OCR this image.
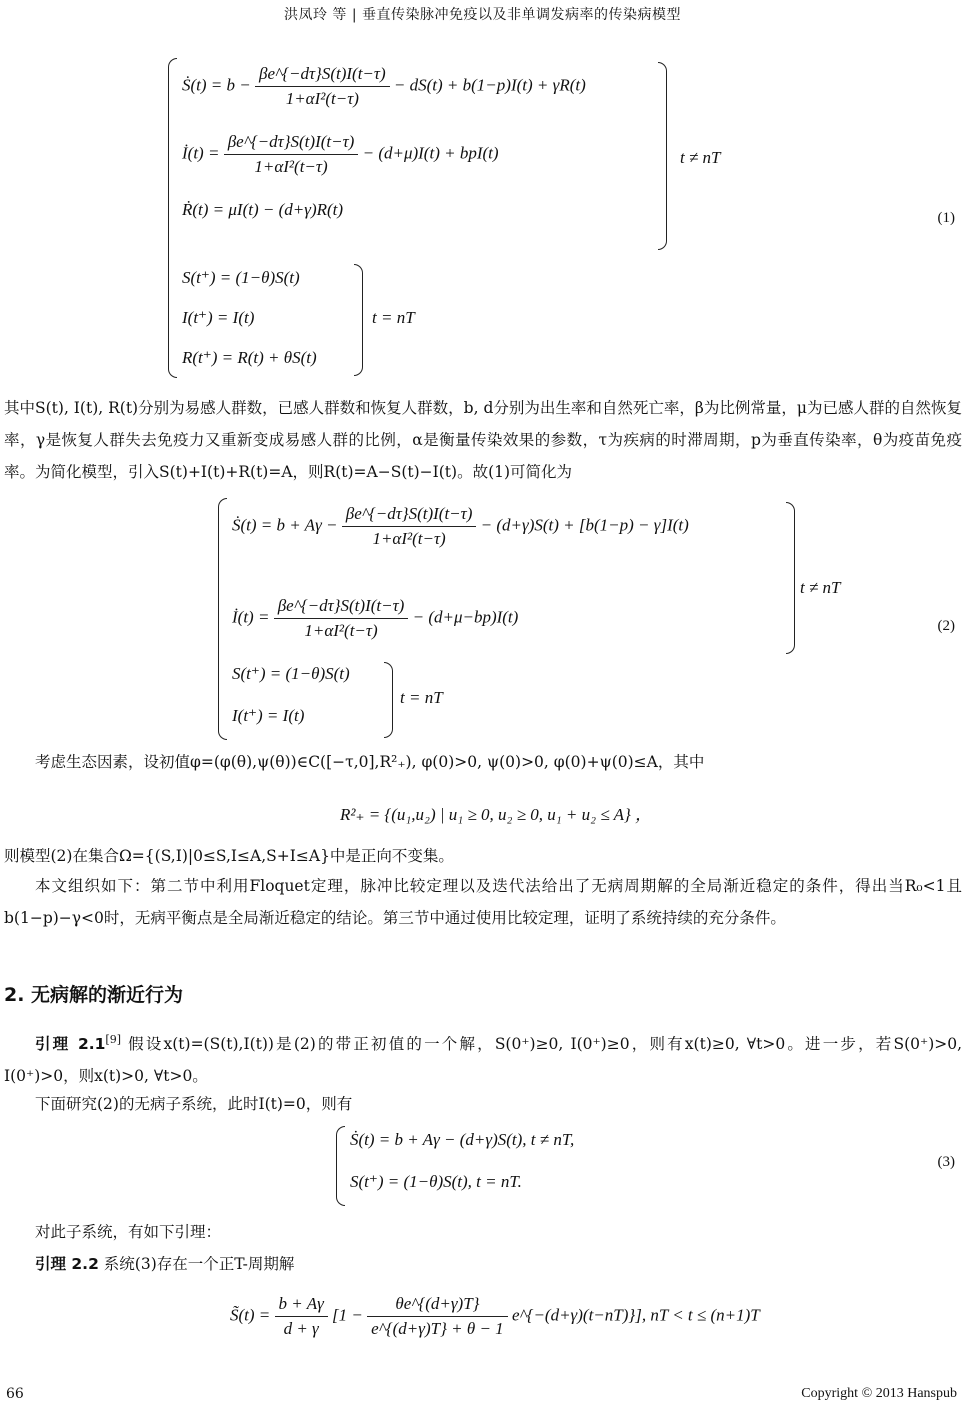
洪凤玲 等 | 垂直传染脉冲免疫以及非单调发病率的传染病模型
Ṡ(t) = $b - \frac{\beta e\^{}\{-d\tau\}S(t)I(t-\tau)}{\text{1+αI²(t−τ)}} - dS(t) + b(1-p)I(t) + \gamma R(t)$
İ(t) = $\frac{\beta e\^{}\{-d\tau\}S(t)I(t-\tau)}{\text{1+αI²(t−τ)}} - (d+\mu)I(t) + bpI(t)$	t ≠ nT
Ṙ(t) = μI(t) − (d+γ)R(t)	(1)
S(t⁺) = (1−θ)S(t)
I(t⁺) = I(t)
R(t⁺) = R(t) + θS(t)
t = nT
其中S(t), I(t), R(t)分别为易感人群数，已感人群数和恢复人群数，b, d分别为出生率和自然死亡率，β为比例常量，μ为已感人群的自然恢复率，γ是恢复人群失去免疫力又重新变成易感人群的比例，α是衡量传染效果的参数，τ为疾病的时滞周期，p为垂直传染率，θ为疫苗免疫率。为简化模型，引入S(t)+I(t)+R(t)=A，则R(t)=A−S(t)−I(t)。故(1)可简化为
Ṡ(t) = $b + A\gamma - \frac{\beta e\^{}\{-d\tau\}S(t)I(t-\tau)}{\text{1+αI²(t−τ)}} - (d+\gamma)S(t) + [b(1-p) - \gamma]I(t)$
İ(t) = $\frac{\beta e\^{}\{-d\tau\}S(t)I(t-\tau)}{\text{1+αI²(t−τ)}} - (d+\mu-bp)I(t)$
t ≠ nT
(2)
S(t⁺) = (1−θ)S(t)
I(t⁺) = I(t)
t = nT
考虑生态因素，设初值φ=(φ(θ),ψ(θ))∈C([−τ,0],R²₊), φ(0)>0, ψ(0)>0, φ(0)+ψ(0)≤A，其中
R²₊ = {(u₁,u₂) | u₁ ≥ 0, u₂ ≥ 0, u₁ + u₂ ≤ A} ，
则模型(2)在集合Ω={(S,I)|0≤S,I≤A,S+I≤A}中是正向不变集。
本文组织如下：第二节中利用Floquet定理，脉冲比较定理以及迭代法给出了无病周期解的全局渐近稳定的条件，得出当R₀<1且b(1−p)−γ<0时，无病平衡点是全局渐近稳定的结论。第三节中通过使用比较定理，证明了系统持续的充分条件。
2. 无病解的渐近行为
引理 2.1[9] 假设x(t)=(S(t),I(t))是(2)的带正初值的一个解，S(0⁺)≥0, I(0⁺)≥0，则有x(t)≥0, ∀t>0。进一步，若S(0⁺)>0, I(0⁺)>0，则x(t)>0, ∀t>0。
下面研究(2)的无病子系统，此时I(t)=0，则有
Ṡ(t) = b + Aγ − (d+γ)S(t), t ≠ nT,
S(t⁺) = (1−θ)S(t), t = nT.
(3)
对此子系统，有如下引理：
引理 2.2 系统(3)存在一个正T-周期解
S̃(t) = $\frac{b + A\gamma}{d + \gamma} [1 - \frac{\theta e\^{}\{(d+\gamma)T\}}{e\^{}\{(d+\gamma)T\} + \theta - 1}$ e^{−(d+γ)(t−nT)}], nT < t ≤ (n+1)T
66	Copyright © 2013 Hanspub
